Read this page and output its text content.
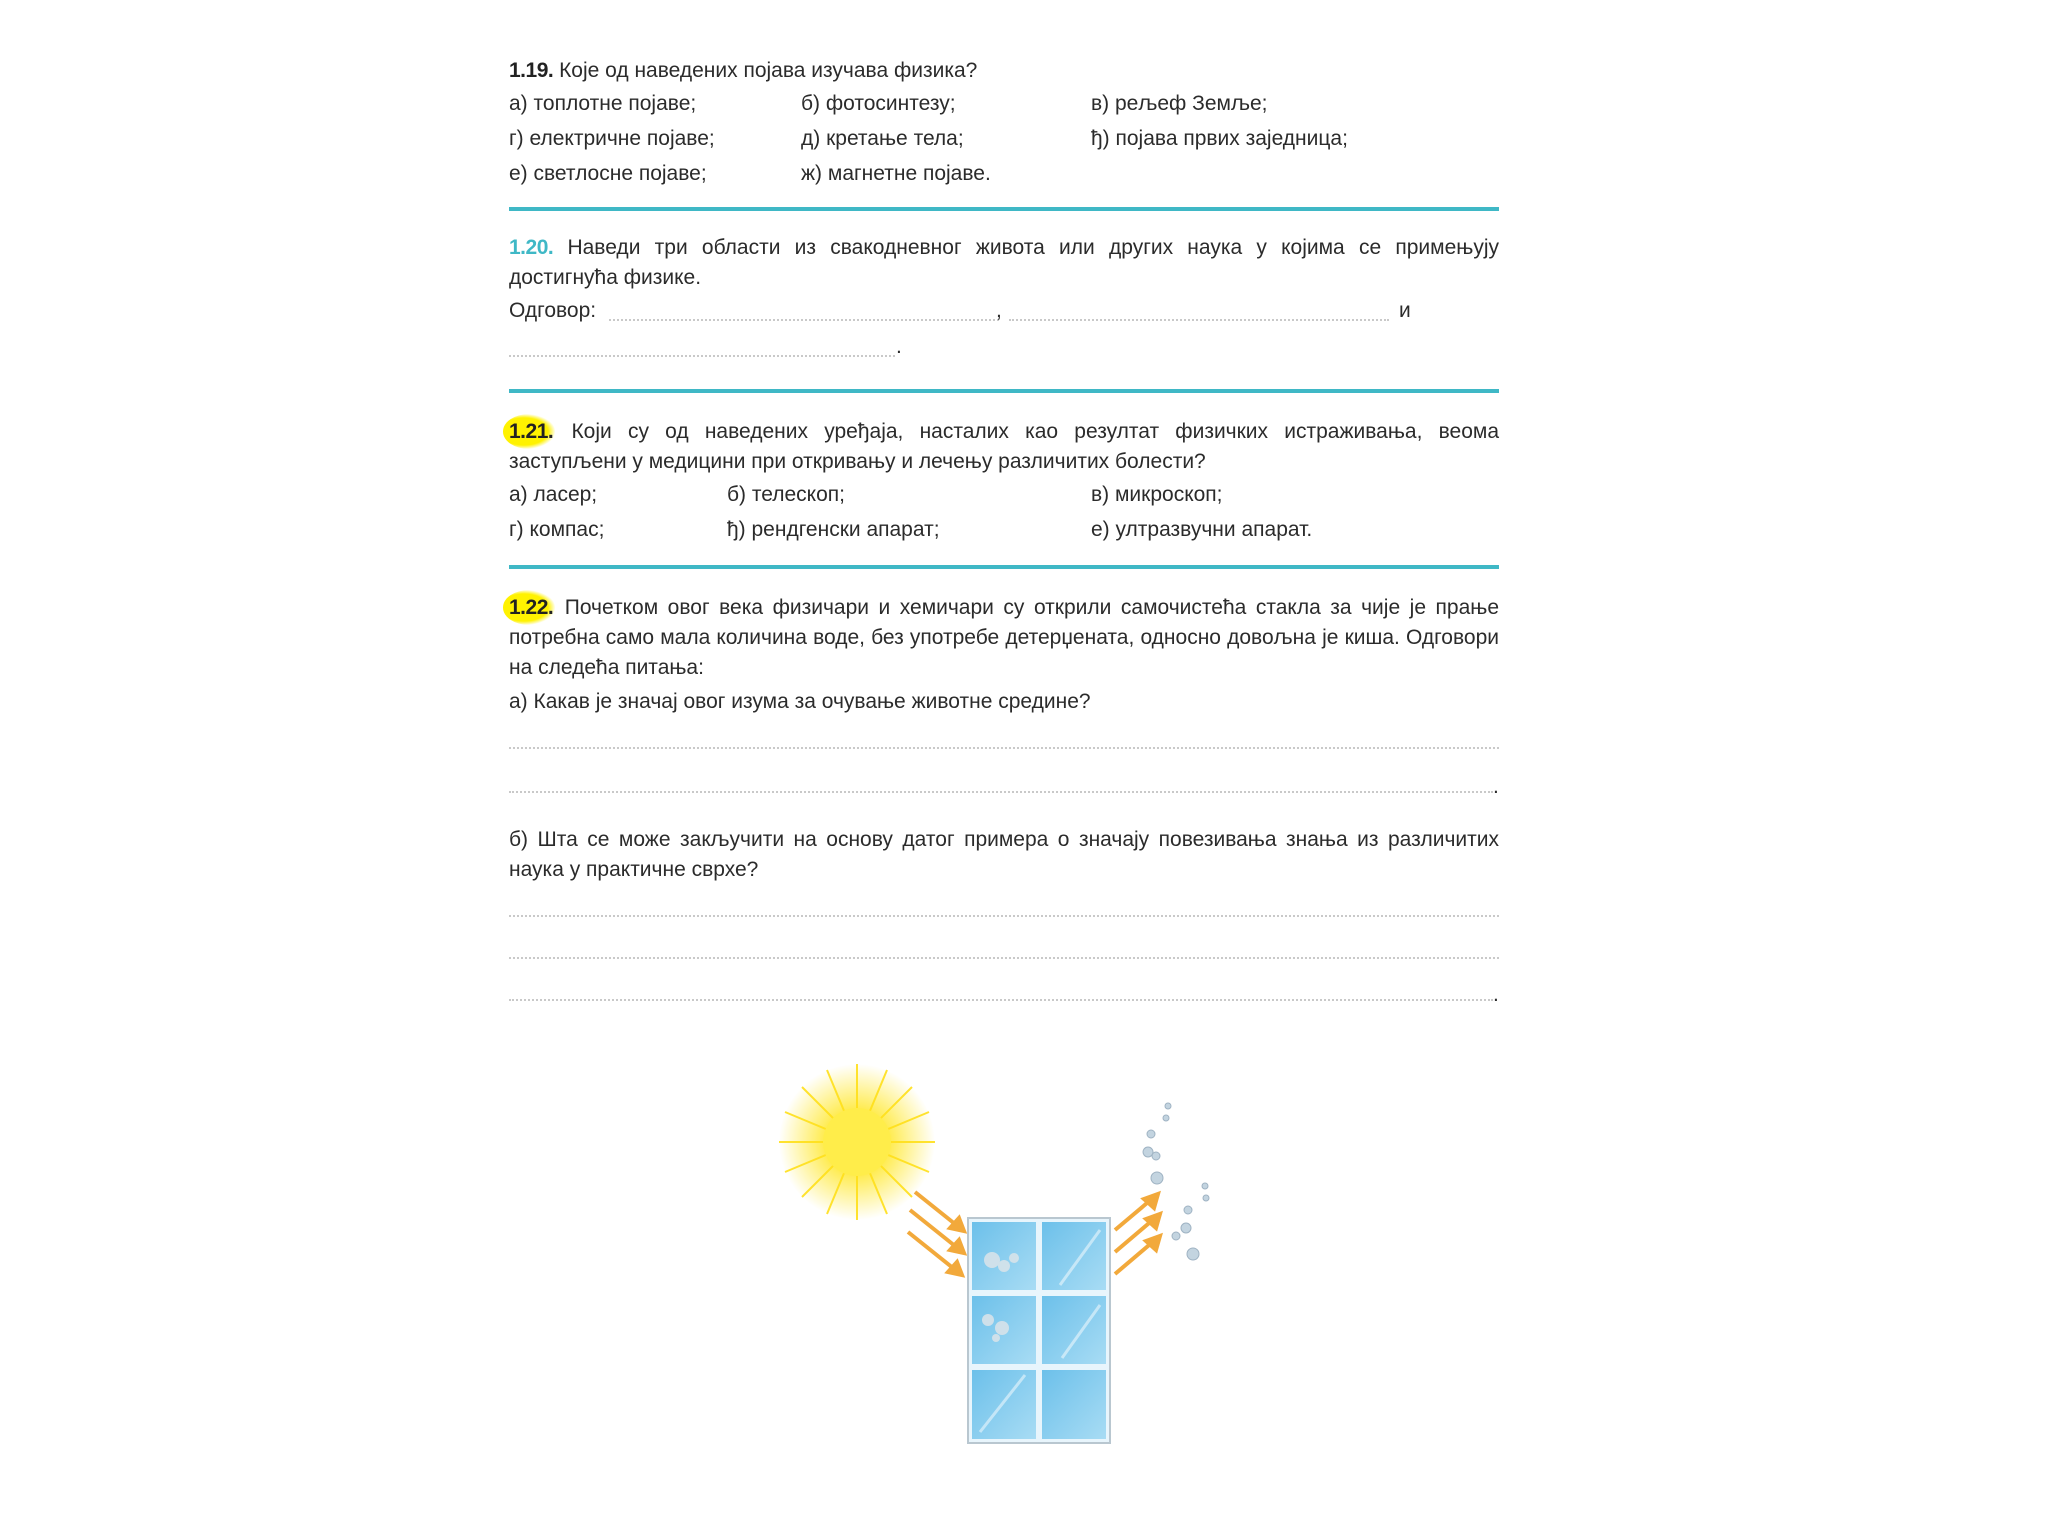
1.19. Које од наведених појава изучава физика?

а) топлотне појаве;	б) фотосинтезу;	в) рељеф Земље;
г) електричне појаве;	д) кретање тела;	ђ) појава првих заједница;
е) светлосне појаве;	ж) магнетне појаве.

1.20. Наведи три области из свакодневног живота или других наука у којима се примењују достигнућа физике.

Одговор:	,	и
.

1.21. Који су од наведених уређаја, насталих као резултат физичких истраживања, веома заступљени у медицини при откривању и лечењу различитих болести?

а) ласер;	б) телескоп;	в) микроскоп;
г) компас;	ђ) рендгенски апарат;	е) ултразвучни апарат.

1.22. Почетком овог века физичари и хемичари су открили самочистећа стакла за чије је прање потребна само мала количина воде, без употребе детерџената, односно довољна је киша. Одговори на следећа питања:

а) Какав је значај овог изума за очување животне средине?

.

б) Шта се може закључити на основу датог примера о значају повезивања знања из различитих наука у практичне сврхе?

.
